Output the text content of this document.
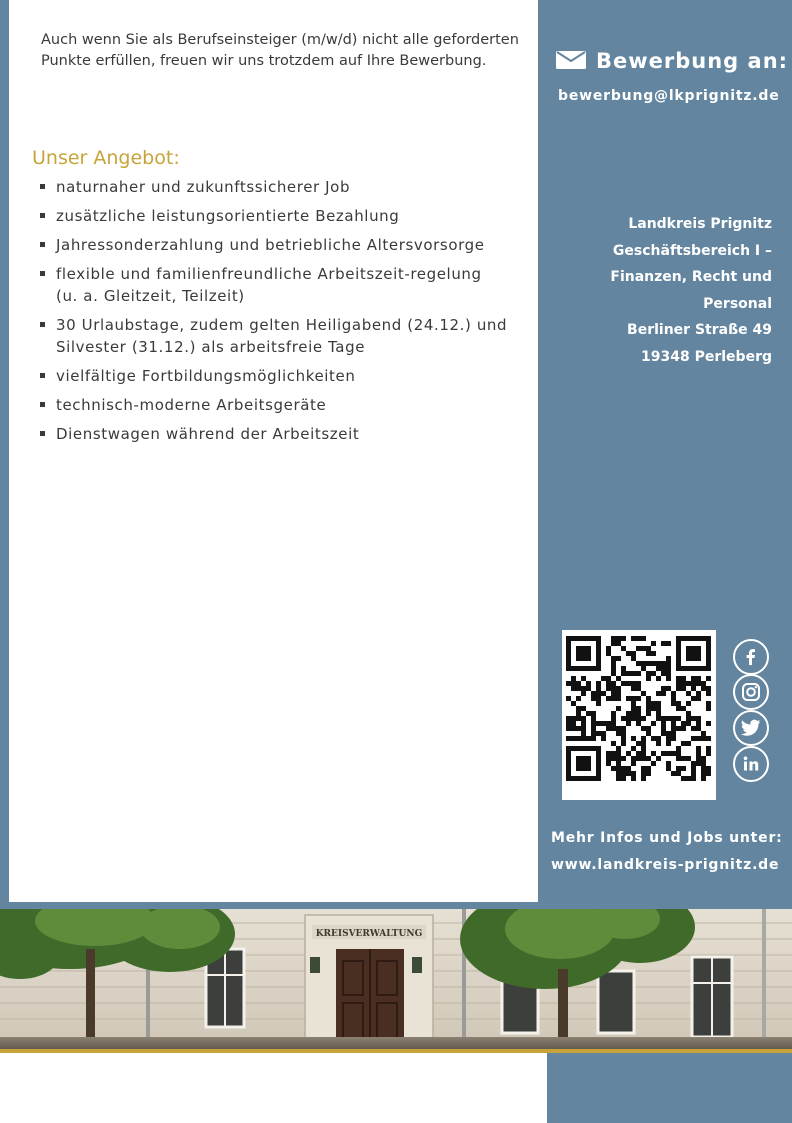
Auch wenn Sie als Berufseinsteiger (m/w/d) nicht alle geforderten Punkte erfüllen, freuen wir uns trotzdem auf Ihre Bewerbung.
Unser Angebot:
naturnaher und zukunftssicherer Job
zusätzliche leistungsorientierte Bezahlung
Jahressonderzahlung und betriebliche Altersvorsorge
flexible und familienfreundliche Arbeitszeit-regelung (u. a. Gleitzeit, Teilzeit)
30 Urlaubstage, zudem gelten Heiligabend (24.12.) und Silvester (31.12.) als arbeitsfreie Tage
vielfältige Fortbildungsmöglichkeiten
technisch-moderne Arbeitsgeräte
Dienstwagen während der Arbeitszeit
Bewerbung an:
bewerbung@lkprignitz.de
Landkreis Prignitz
Geschäftsbereich I –
Finanzen, Recht und
Personal
Berliner Straße 49
19348 Perleberg
Mehr Infos und Jobs unter:
www.landkreis-prignitz.de
KREISVERWALTUNG
